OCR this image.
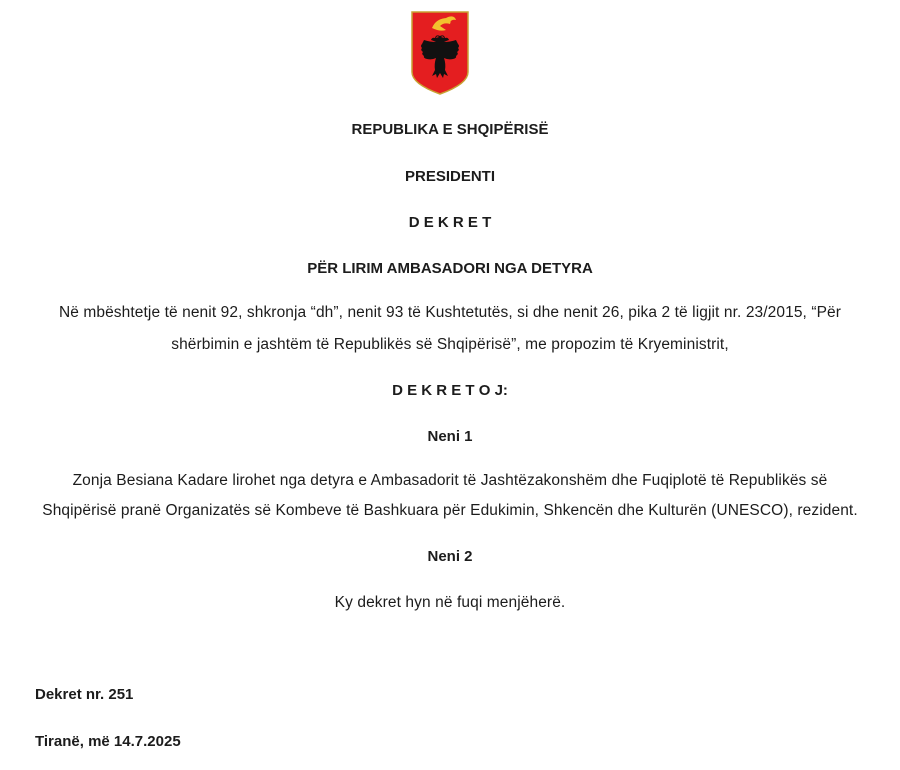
REPUBLIKA E SHQIPËRISË
PRESIDENTI
D E K R E T
PËR LIRIM AMBASADORI NGA DETYRA
Në mbështetje të nenit 92, shkronja “dh”, nenit 93 të Kushtetutës, si dhe nenit 26, pika 2 të ligjit nr. 23/2015, “Për
shërbimin e jashtëm të Republikës së Shqipërisë”, me propozim të Kryeministrit,
D E K R E T O J:
Neni 1
Zonja Besiana Kadare lirohet nga detyra e Ambasadorit të Jashtëzakonshëm dhe Fuqiplotë të Republikës së
Shqipërisë pranë Organizatës së Kombeve të Bashkuara për Edukimin, Shkencën dhe Kulturën (UNESCO), rezident.
Neni 2
Ky dekret hyn në fuqi menjëherë.
Dekret nr. 251
Tiranë, më 14.7.2025
